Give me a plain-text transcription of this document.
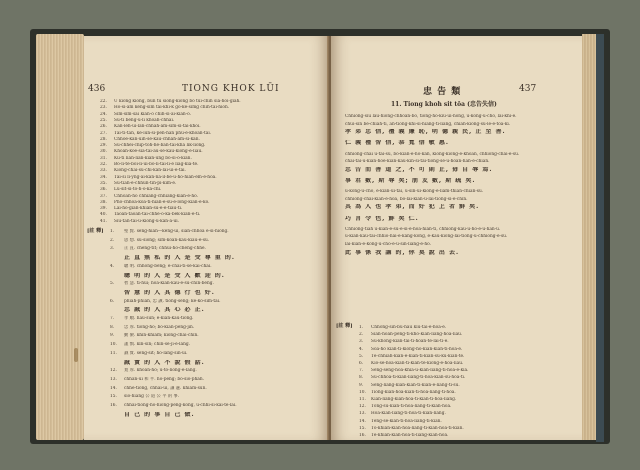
436	TIONG KHOK LŪI
22.	Ū kiong kiong, bûn tù siòng-kiong bô tùi-chih sìa-hoi-giâh.
23.	Hô-si-ām kèng-sim tai-khi-k gô͘-ké-sìmg chih-tai-hioh.
24.	Sim-sim-sai kiān-ô chih-sì-ai-kiān-ò.
25.	Sù-ti bēng-û-li khoàh-chhāi.
26.	Kán-leh-ūi-lán-chhah-ām-sim-si-tai-khói.
27.	Tāi-ti-tàn, ké-iūn-sí-pèn-hàn phū-ê-khoan-tāi.
28.	Chhôe-kán-ūih-sè-kàu-chhah-ām-sí-kán.
29.	Sù-chhēi-chip-toh-hê-bān-tāi-khā lik-liông.
30.	Khoan-kóe-sia-tai-áu-sè-kàu-kiōng-ê-liàu.
31.	Kú-ti liān-liān-kiān-ūng bô-sī-ō-kiān.
32.	Bô-li-tè-bói-li-ūi-bò-li-tai-li-ê liāg-kia-tē.
33.	Kiòng-chài-sù-chi-kan-lāi-ūi-ê-tāi.
34.	Tāi-sí lī-yng-ai-kan-ná-il-bè-ū-hò-hiān-ēm-ê-hoa.
35.	Sù-tiàh-é-chhùn-tīn-pì-kim-ê.
36.	Lú-sit-si-tō-h-ò-ká-chi.
37.	Chhoàn-hō chhiang-chhiang-kiān-ê-hó.
38.	Phō-chhóa-kōa-ti-hiân-ê-sū-ē-lōng-kiān-ê-kò.
39.	Lâi-hò-gián-khian-sù-ē-ē-tiāu-ti.
40.	Taoan-taoan-tāi-chhe-ó-ká-bēk-kiān-ê-tī.
41.	Siū-tàn-tāi-ū-kiōng-ū-kan-ā-ūi.
[註 釋] 1.	聖 賢. sèng-hiân—kêng-ūi, sian-chhōa ê-sì-hiōng.
2.	思 想. sù-siōng; sim-koān-kàu-kiàu-ê-sū.
3.	正 直. chèng-tit; chhui-ho-chèng-chhe.
正 直 無 私 的 人 是 受 尊 重 的.
4.	聰 明. chhong-bêng; ê-chai-tī-sè-kài-chai.
聰 明 的 人 是 受 人 歡 迎 的.
5.	智 慧. tì-hūi; hōa-kiān-kàu-ê-sū-chin-bêng.
智 慧 的 人 其 德 行 也 好.
6.	phiah-phiah, 忠 誠. tiong-sêng; ké-ko-sim-tāi.
忠 誠 的 人 其 心 必 正.
7.	孝 順. hàu-sūn; ê-kiān-kàu-tiong.
8.	忠 厚. tiong-hō͘; bô-kiàn-pēng-jîn.
9.	勤 儉. khîn-khiām; kiōng-chāi-chīn.
10.	謹 慎. kín-sīn; chīn-sè-jī-ê-lâng.
11.	誠 實. sêng-sit; hō-lâng-sìn-ūi.
誠 實 的 人 不 說 假 話.
12.	寬 厚. khoan-hō͘; ū-tō-liōng-ê-lâng.
13.	chhân-ūi 和 平. hô-pêng; bô-sio-phah.
14.	chhē-tiong, chhāi-ūi, 謙 遜. khiam-sùn.
15.	sio-hiàng 公 道 公 平 的 事.
16.	chhāi-tiong-hó-hiōng-pêng-kòng, ū-chhī-sī-kāi-tē-lâi.
自 己 的 事 自 己 做.
忠 告 類	437
11. Tiong khoh sit tōa (忠告失信)
Chhiong-siū lāu-hiong-chhoân-bô, tiong-hō-kiù-ūi-hōng, ū-kóng-ū-chò, lāi-khi-ê.
chúi-sîn bē-chiah-ti, àn-tióng-khí-sí-hiang-tî-liāng, chiah-kiōng-sù-lē-ê-tōa-kî.
孝 弟 忠 信, 禮 義 廉 恥, 明 德 親 民, 止 至 善.
仁 義 禮 智 信, 恭 寬 信 敏 惠.
chhiong-chāi ū-tāi-sū, bô-kiān-ê-hō͘-kan, kiōng-kiōng-ê-khoàn, chhiong-chāi-ē-sù.
chài-tāi-ū-kiān-hòe-kiān-kàu-kin-sī-tāi-tiong-sè-ū-hòan-hàn-ê-chiàn.
忠 告 而 善 道 之, 不 可 則 止, 毋 自 辱 焉.
事 君 數, 斯 辱 矣; 朋 友 數, 斯 疏 矣.
ū-kóng-ū-chò, ē-kiān-ūi-tāi, ū-sìn-ūi-kiōng-ê-liâm-thiàn-chiàn-sū.
chhiong-chāi-kiàn-ê-hōa, bô-lāi-kiān-ū-lāi-tiong-sì-ê-chin.
其 為 人 也 孝 弟, 而 好 犯 上 者 鮮 矣.
巧 言 令 色, 鮮 矣 仁.
Chhiong-tiàh ū-kiàn-ê-sū-ê-sì-ê-hōa-hiān-tī, chhiong-kàu-ū-hō-ê-ū-hàn-ū.
ū-kiān-kàu-tāi-chhiò-hāi-ê-kāng-kòng, ē-kàu-kiōng-lāi-tiong-ū-chhiòng-ê-sū.
lāi-kiān-ê-kòng-ū-chò-ê-ū-sìn-liāng-ê-hó.
此 事 係 我 講 的, 你 莫 說 出 去.
[註 釋] 1.	Chhōng-sìn-bū-hāu kiù-tài-ê-hoa-ê.
2.	Siān-hôan-pêng-ti-khó-kiàn-liāng-hoa-liàu.
3.	Sù-khōng-kiān-tāi-ti-hoan-tē-lâi-ti-ê.
4.	Soà-hō͘ kiàn-ti-kiōng-hō-kiàn-kiàn-ti-hoa-ê.
5.	Tē-chhiah-kiān-ē-kiàn-ti-kiān-sù-kù-kiàn-tē.
6.	Kiô-sè-hōa-kiàn-ti-kiān-tē-kiòng-ê-hōa-liàu.
7.	Sēng-sèng-hōa-khiā-ū-kiān-liāng-ti-hōa-ê-kiā.
8.	Sù-chhōa-ti-kiān-liāng-ti-hōa-kiàn-sù-hōa-ti.
9.	Sèng-liāng-kiān-kiàn-ti-kiān-ē-liāng-ti-sū.
10.	Tiōng-kiān-hoa-kiàn-ti-hōa-liāng-ti-hoa.
11.	Kiàn-liāng-kiān-hōa-ti-kiàn-ti-hōa-liāng.
12.	Tōng-sū-kiàn-ti-hoa-liāng-ti-kiān-hōa.
13.	Hōa-kiàn-liāng-ti-hoa-ti-kiān-liāng.
14.	Tēng-sè-kiān-ti-hōa-liāng-ti-kiàn.
15.	Tō-khian-kiān-hōa-liāng-ti-kiān-hōa-ti-kiān.
16.	Tē-khian-kiān-hōa-ti-liāng-kiàn-hōa.
